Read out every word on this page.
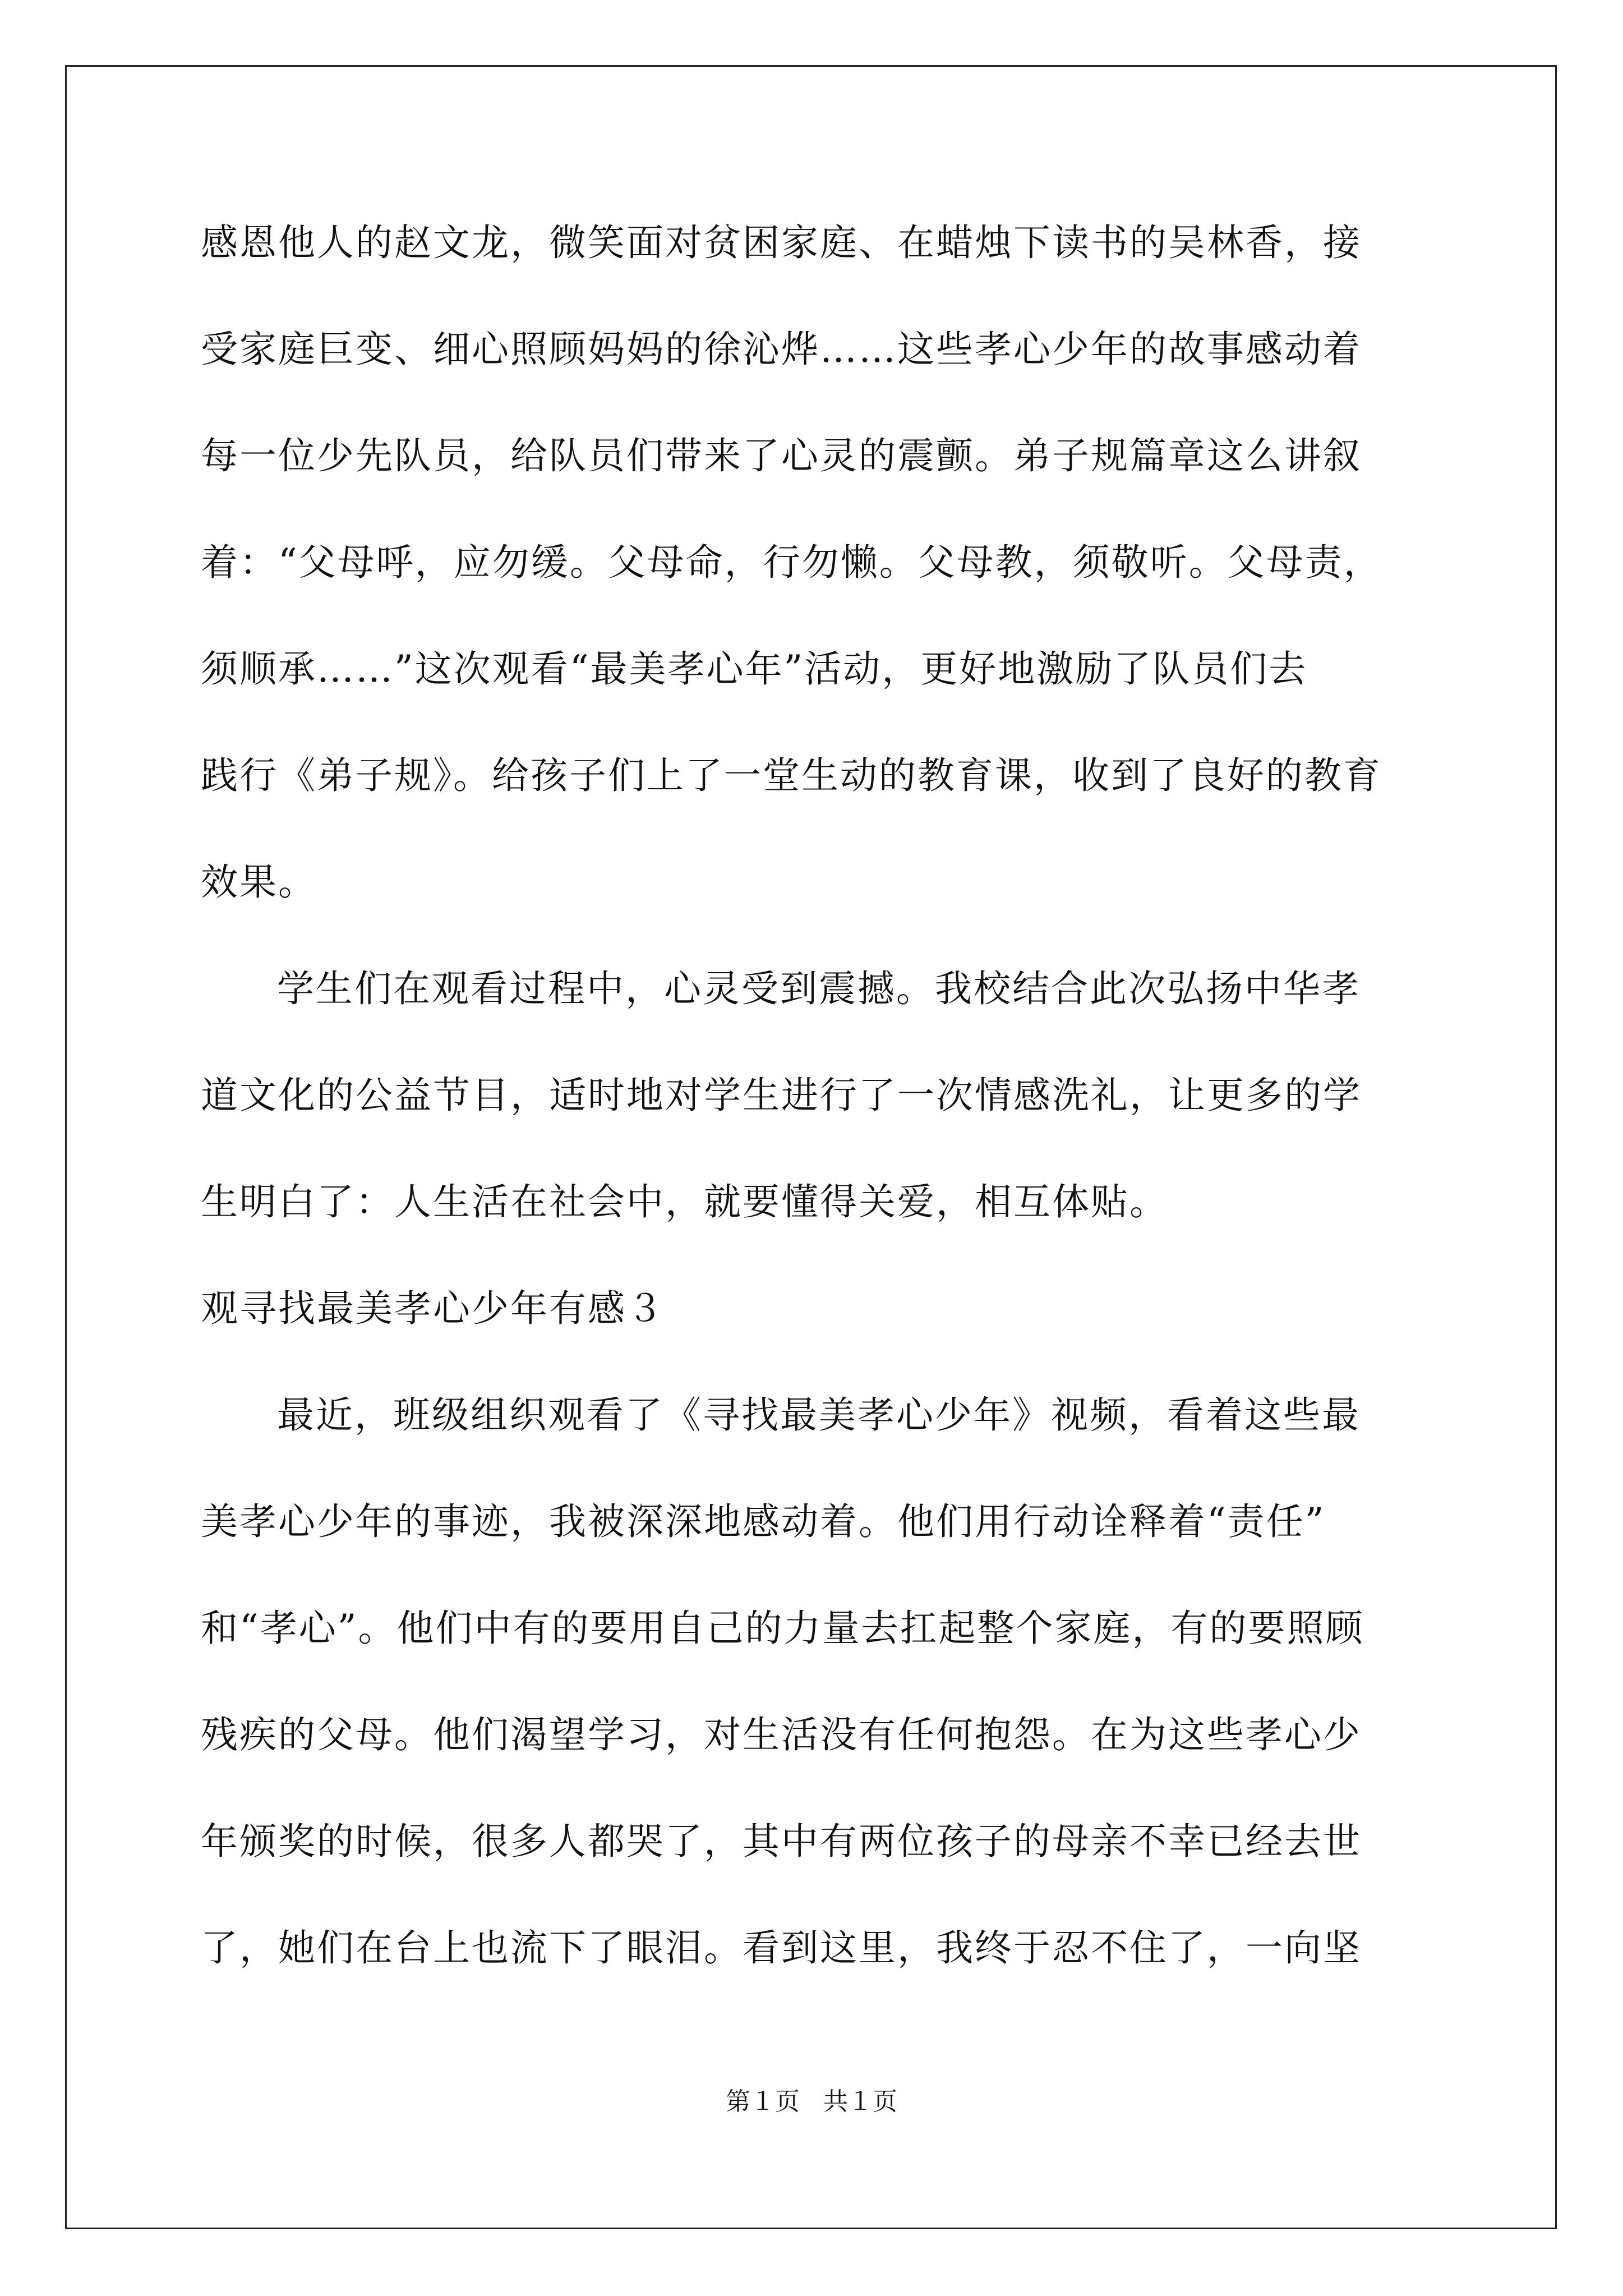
感恩他人的赵文龙，微笑面对贫困家庭、在蜡烛下读书的吴林香，接
受家庭巨变、细心照顾妈妈的徐沁烨……这些孝心少年的故事感动着
每一位少先队员，给队员们带来了心灵的震颤。弟子规篇章这么讲叙
着：“父母呼，应勿缓。父母命，行勿懒。父母教，须敬听。父母责，
须顺承……”这次观看“最美孝心年”活动，更好地激励了队员们去
践行《弟子规》。给孩子们上了一堂生动的教育课，收到了良好的教育
效果。
学生们在观看过程中，心灵受到震撼。我校结合此次弘扬中华孝
道文化的公益节目，适时地对学生进行了一次情感洗礼，让更多的学
生明白了：人生活在社会中，就要懂得关爱，相互体贴。
观寻找最美孝心少年有感３
最近，班级组织观看了《寻找最美孝心少年》视频，看着这些最
美孝心少年的事迹，我被深深地感动着。他们用行动诠释着“责任”
和“孝心”。他们中有的要用自己的力量去扛起整个家庭，有的要照顾
残疾的父母。他们渴望学习，对生活没有任何抱怨。在为这些孝心少
年颁奖的时候，很多人都哭了，其中有两位孩子的母亲不幸已经去世
了，她们在台上也流下了眼泪。看到这里，我终于忍不住了，一向坚
第１页 共１页
